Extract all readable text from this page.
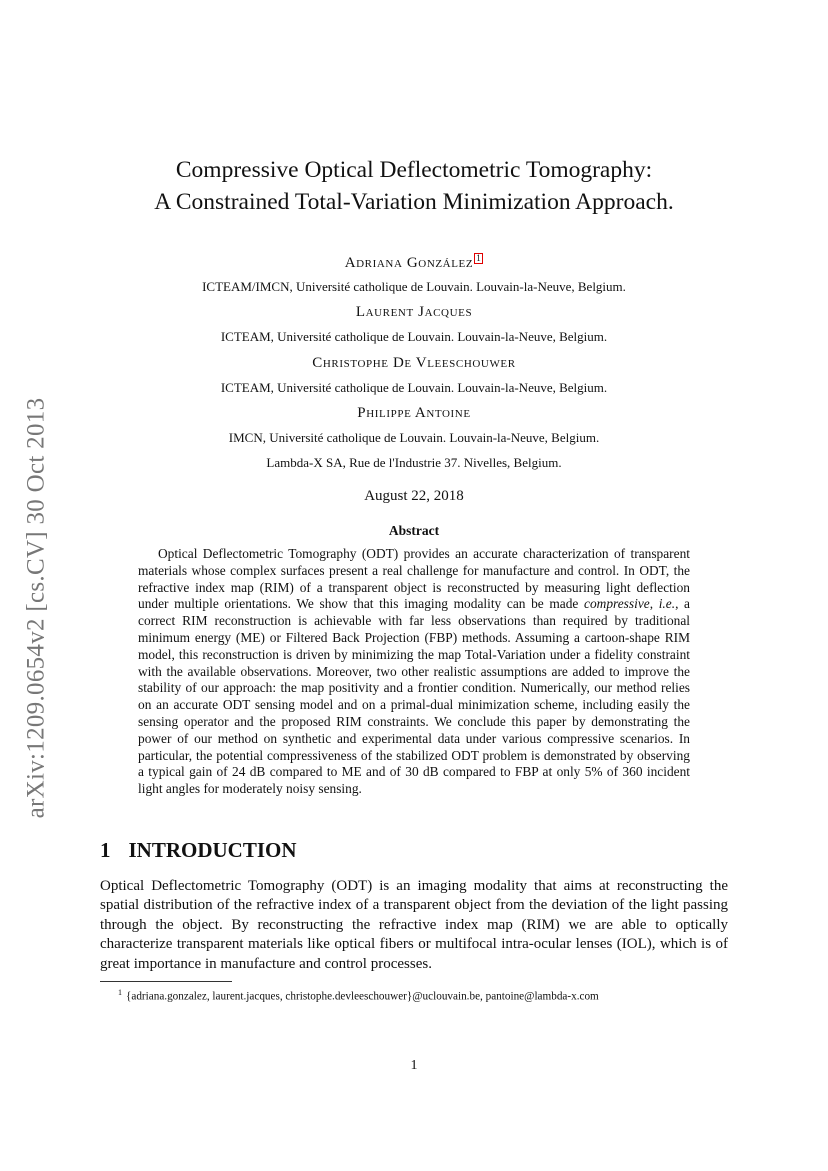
arXiv:1209.0654v2 [cs.CV] 30 Oct 2013
Compressive Optical Deflectometric Tomography:
A Constrained Total-Variation Minimization Approach.
Adriana González 1
ICTEAM/IMCN, Université catholique de Louvain. Louvain-la-Neuve, Belgium.
Laurent Jacques
ICTEAM, Université catholique de Louvain. Louvain-la-Neuve, Belgium.
Christophe De Vleeschouwer
ICTEAM, Université catholique de Louvain. Louvain-la-Neuve, Belgium.
Philippe Antoine
IMCN, Université catholique de Louvain. Louvain-la-Neuve, Belgium.
Lambda-X SA, Rue de l'Industrie 37. Nivelles, Belgium.
August 22, 2018
Abstract
Optical Deflectometric Tomography (ODT) provides an accurate characterization of transparent materials whose complex surfaces present a real challenge for manufacture and control. In ODT, the refractive index map (RIM) of a transparent object is reconstructed by measuring light deflection under multiple orientations. We show that this imaging modality can be made compressive, i.e., a correct RIM reconstruction is achievable with far less observations than required by traditional minimum energy (ME) or Filtered Back Projection (FBP) methods. Assuming a cartoon-shape RIM model, this reconstruction is driven by minimizing the map Total-Variation under a fidelity constraint with the available observations. Moreover, two other realistic assumptions are added to improve the stability of our approach: the map positivity and a frontier condition. Numerically, our method relies on an accurate ODT sensing model and on a primal-dual minimization scheme, including easily the sensing operator and the proposed RIM constraints. We conclude this paper by demonstrating the power of our method on synthetic and experimental data under various compressive scenarios. In particular, the potential compressiveness of the stabilized ODT problem is demonstrated by observing a typical gain of 24 dB compared to ME and of 30 dB compared to FBP at only 5% of 360 incident light angles for moderately noisy sensing.
1 INTRODUCTION
Optical Deflectometric Tomography (ODT) is an imaging modality that aims at reconstructing the spatial distribution of the refractive index of a transparent object from the deviation of the light passing through the object. By reconstructing the refractive index map (RIM) we are able to optically characterize transparent materials like optical fibers or multifocal intra-ocular lenses (IOL), which is of great importance in manufacture and control processes.
$^1$ {adriana.gonzalez, laurent.jacques, christophe.devleeschouwer}@uclouvain.be, pantoine@lambda-x.com
1
